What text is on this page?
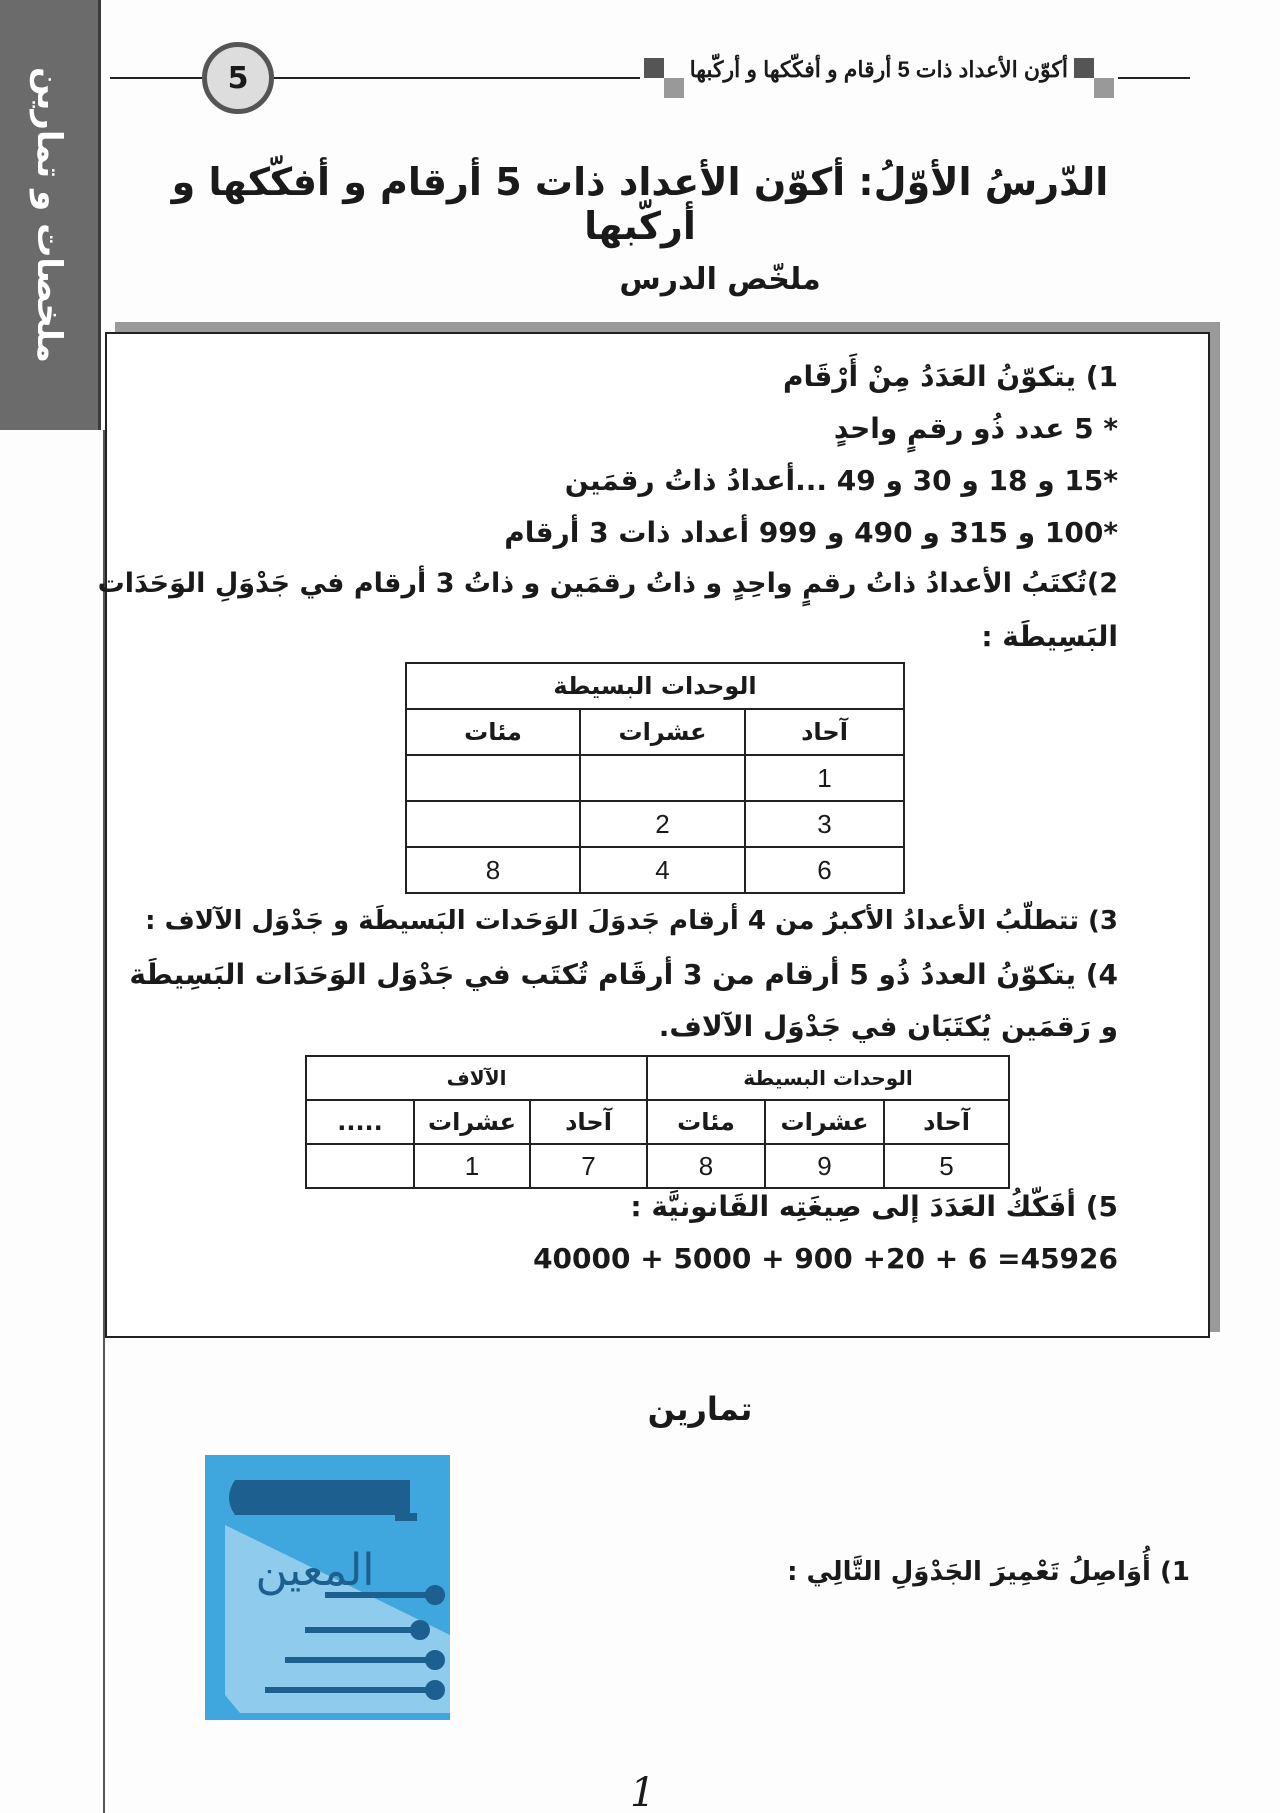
ملخصات و تمارين	5	أكوّن الأعداد ذات 5 أرقام و أفكّكها و أركّبها
الدّرسُ الأوّلُ: أكوّن الأعداد ذات 5 أرقام و أفكّكها و أركّبها
ملخّص الدرس
1) يتكوّنُ العَدَدُ مِنْ أَرْقَام
* 5 عدد ذُو رقمٍ واحدٍ
*15 و 18 و 30 و 49 ...أعدادُ ذاتُ رقمَين
*100 و 315 و 490 و 999 أعداد ذات 3 أرقام
2)تُكتَبُ الأعدادُ ذاتُ رقمٍ واحِدٍ و ذاتُ رقمَين و ذاتُ 3 أرقام في جَدْوَلِ الوَحَدَات
البَسِيطَة :
3) تتطلّبُ الأعدادُ الأكبرُ من 4 أرقام جَدوَلَ الوَحَدات البَسيطَة و جَدْوَل الآلاف :
4) يتكوّنُ العددُ ذُو 5 أرقام من 3 أرقَام تُكتَب في جَدْوَل الوَحَدَات البَسِيطَة
و رَقمَين يُكتَبَان في جَدْوَل الآلاف.
5) أفَكّكُ العَدَدَ إلى صِيغَتِه القَانونيَّة :
40000 + 5000 + 900 +20 + 6 =45926
الوحدات البسيطة		
آحاد	عشرات	مئات
1		
3	2	
6	4	8
الوحدات البسيطة			الآلاف		
آحاد	عشرات	مئات	آحاد	عشرات	.....
5	9	8	7	1	
تمارين
المعين	1) أُوَاصِلُ تَعْمِيرَ الجَدْوَلِ التَّالِي :
1
